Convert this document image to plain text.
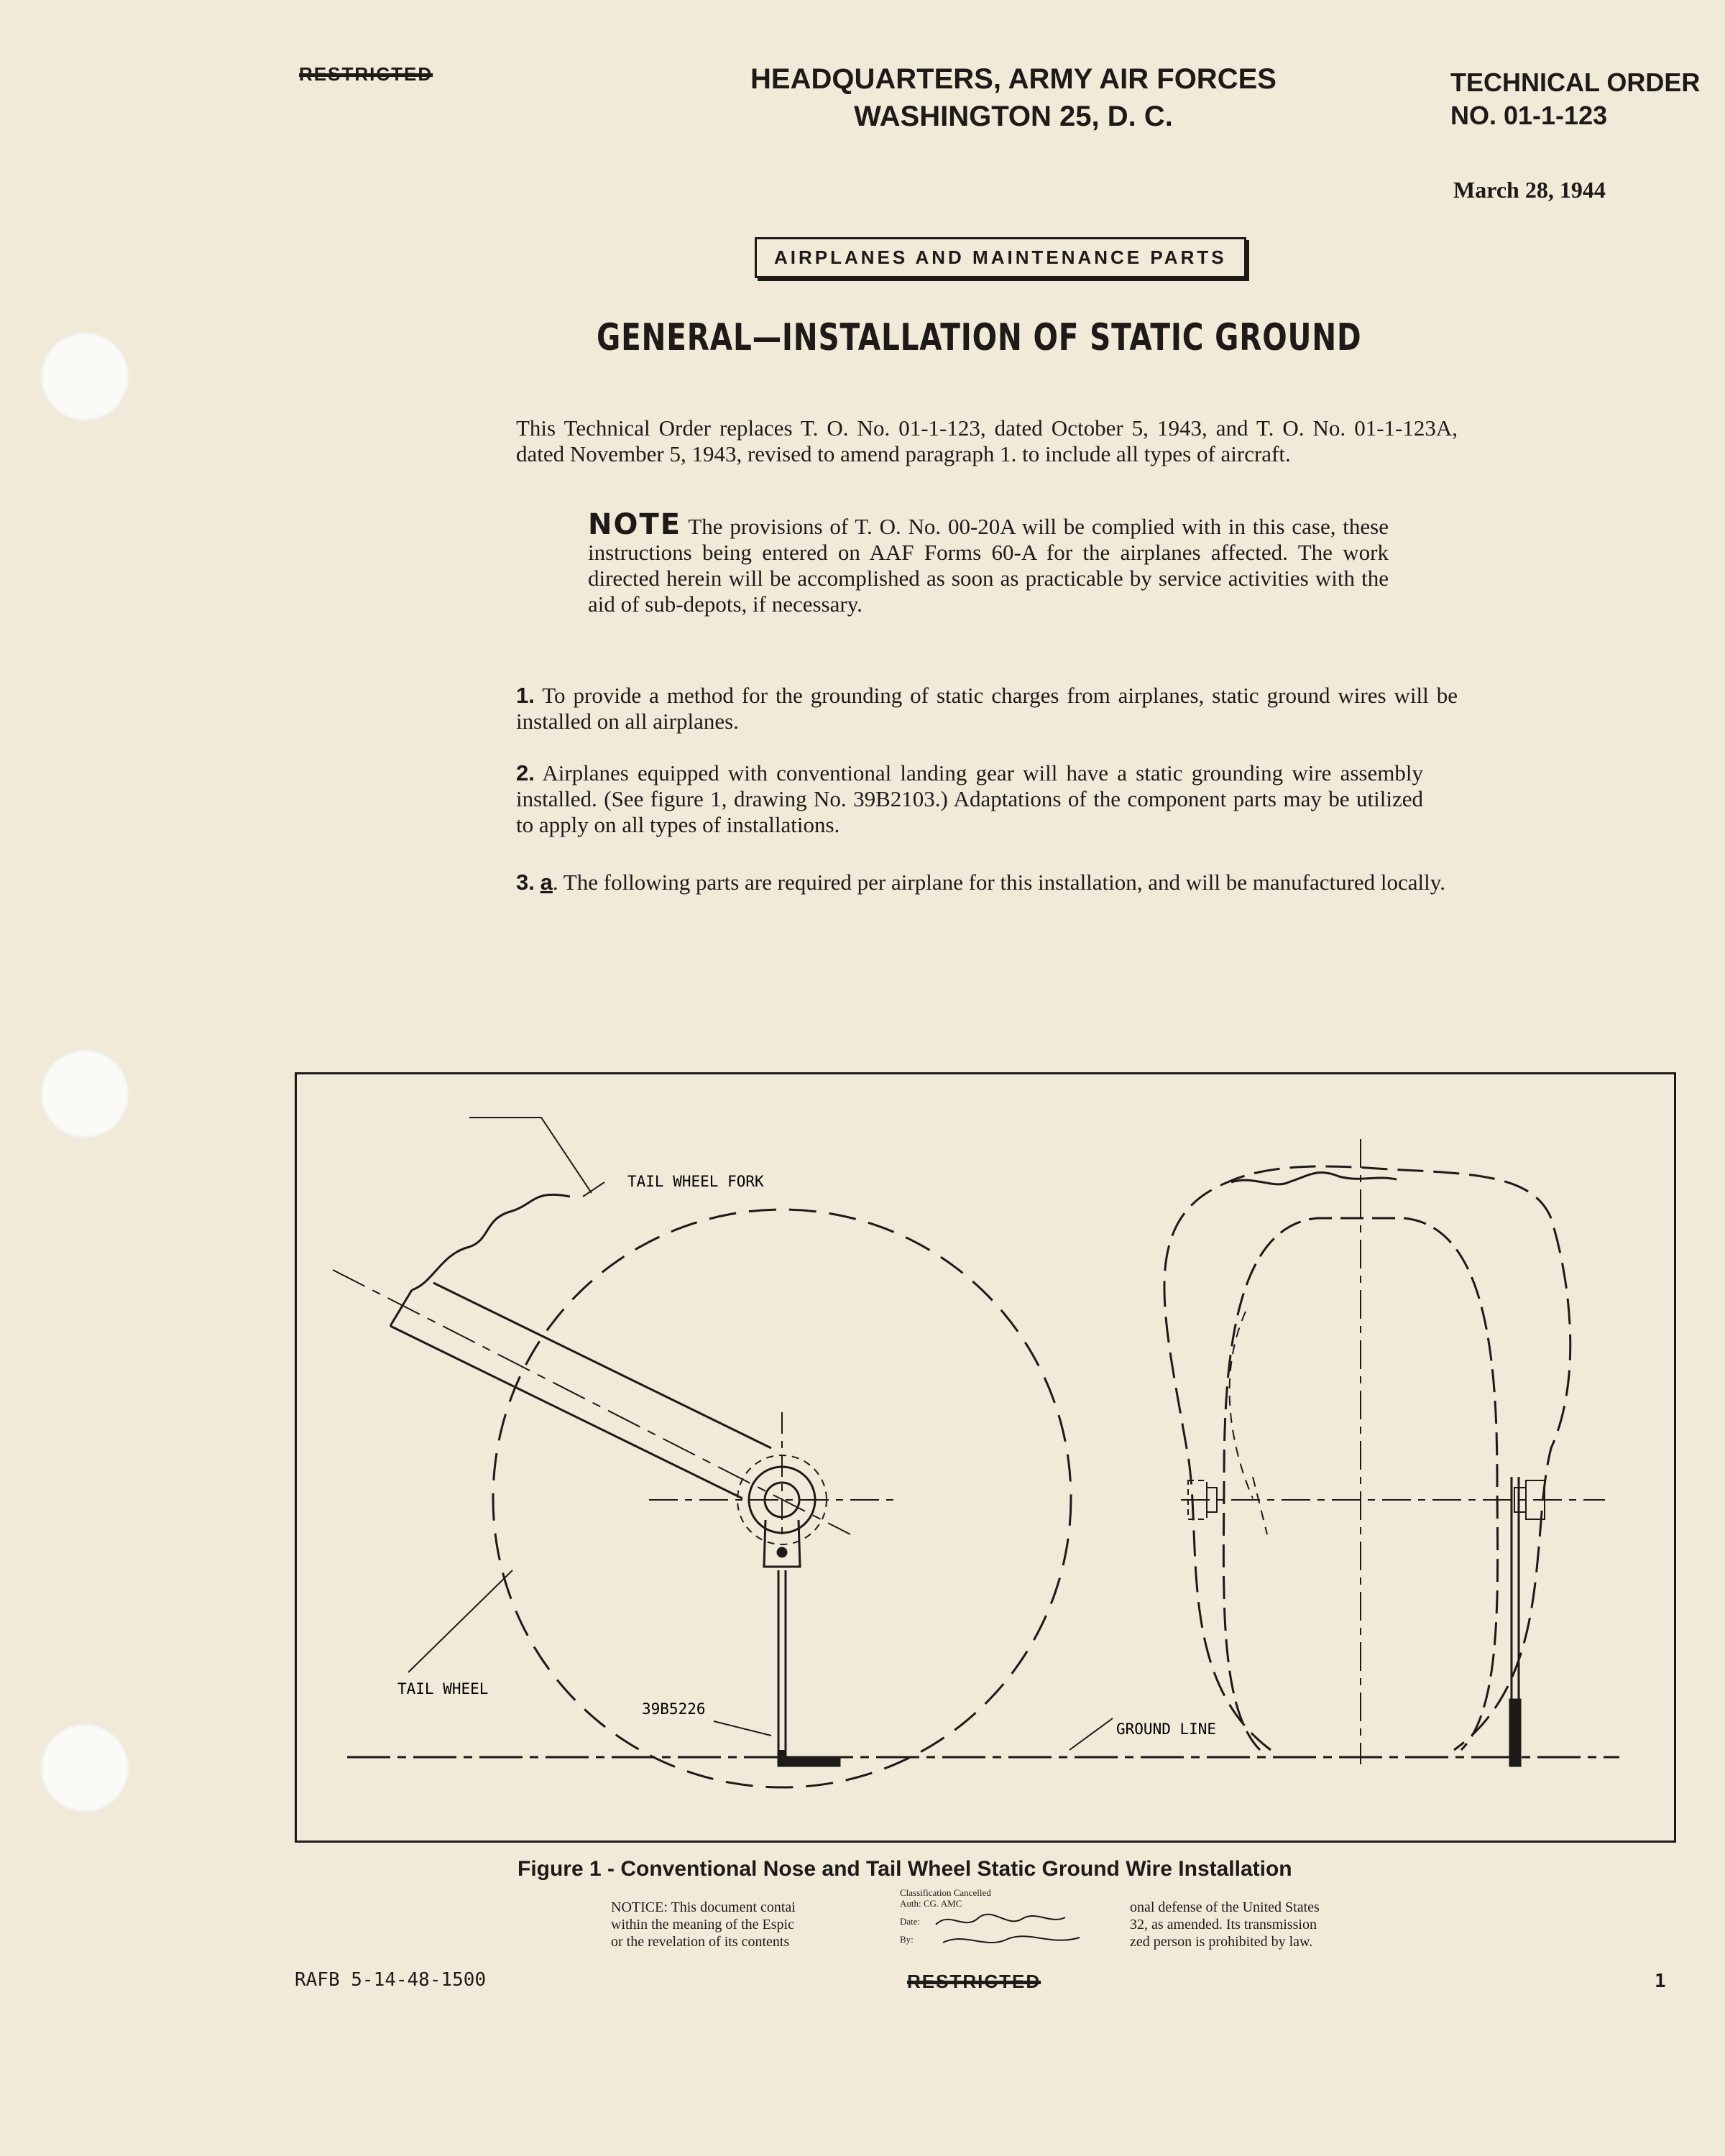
RESTRICTED	HEADQUARTERS, ARMY AIR FORCES
WASHINGTON 25, D. C.
TECHNICAL ORDER
NO. 01-1-123
March 28, 1944
AIRPLANES AND MAINTENANCE PARTS
GENERAL—INSTALLATION OF STATIC GROUND
This Technical Order replaces T. O. No. 01-1-123, dated October 5, 1943, and T. O. No. 01-1-123A, dated November 5, 1943, revised to amend paragraph 1. to include all types of aircraft.
NOTE The provisions of T. O. No. 00-20A will be complied with in this case, these instructions being entered on AAF Forms 60-A for the airplanes affected. The work directed herein will be accomplished as soon as practicable by service activities with the aid of sub-depots, if necessary.
1. To provide a method for the grounding of static charges from airplanes, static ground wires will be installed on all airplanes.
2. Airplanes equipped with conventional landing gear will have a static grounding wire assembly installed. (See figure 1, drawing No. 39B2103.) Adaptations of the component parts may be utilized to apply on all types of installations.
3. a. The following parts are required per airplane for this installation, and will be manufactured locally.
TAIL WHEEL FORK
39B5226
TAIL WHEEL
GROUND LINE
Figure 1 - Conventional Nose and Tail Wheel Static Ground Wire Installation
NOTICE: This document contai
within the meaning of the Espic
or the revelation of its contents
Classification Cancelled
Auth: CG. AMC
Date:
By:
onal defense of the United States
32, as amended. Its transmission
zed person is prohibited by law.
RAFB 5-14-48-1500	RESTRICTED	1
